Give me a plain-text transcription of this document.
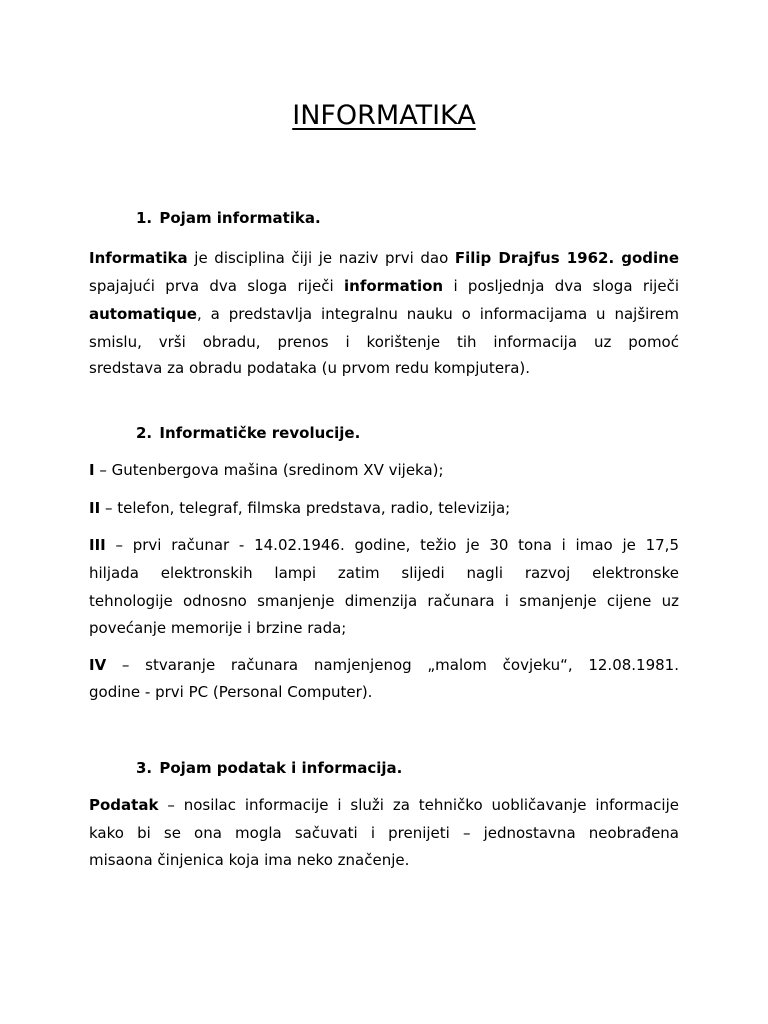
INFORMATIKA
1. Pojam informatika.
Informatika je disciplina čiji je naziv prvi dao Filip Drajfus 1962. godine
spajajući prva dva sloga riječi information i posljednja dva sloga riječi
automatique, a predstavlja integralnu nauku o informacijama u najširem
smislu, vrši obradu, prenos i korištenje tih informacija uz pomoć
sredstava za obradu podataka (u prvom redu kompjutera).
2. Informatičke revolucije.
I – Gutenbergova mašina (sredinom XV vijeka);
II – telefon, telegraf, filmska predstava, radio, televizija;
III – prvi računar - 14.02.1946. godine, težio je 30 tona i imao je 17,5
hiljada elektronskih lampi zatim slijedi nagli razvoj elektronske
tehnologije odnosno smanjenje dimenzija računara i smanjenje cijene uz
povećanje memorije i brzine rada;
IV – stvaranje računara namjenjenog „malom čovjeku“, 12.08.1981.
godine - prvi PC (Personal Computer).
3. Pojam podatak i informacija.
Podatak – nosilac informacije i služi za tehničko uobličavanje informacije
kako bi se ona mogla sačuvati i prenijeti – jednostavna neobrađena
misaona činjenica koja ima neko značenje.
